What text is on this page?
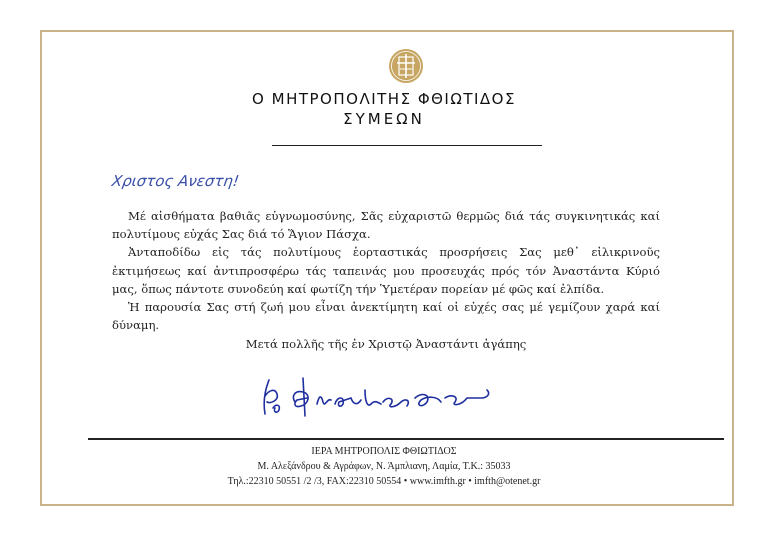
Ο ΜΗΤΡΟΠΟΛΙΤΗΣ ΦΘΙΩΤΙΔΟΣ
ΣΥΜΕΩΝ
Χριστος Ανεστη!

Μέ αἰσθήματα βαθιᾶς εὐγνωμοσύνης, Σᾶς εὐχαριστῶ θερμῶς διά τάς συγκινητικάς καί πολυτίμους εὐχάς Σας διά τό Ἅγιον Πάσχα.

Ἀνταποδίδω εἰς τάς πολυτίμους ἑορταστικάς προσρήσεις Σας μεθ᾽ εἰλικρινοῦς ἐκτιμήσεως καί ἀντιπροσφέρω τάς ταπεινάς μου προσευχάς πρός τόν Ἀναστάντα Κύριό μας, ὅπως πάντοτε συνοδεύη καί φωτίζη τήν Ὑμετέραν πορείαν μέ φῶς καί ἐλπίδα.

Ἡ παρουσία Σας στή ζωή μου εἶναι ἀνεκτίμητη καί οἱ εὐχές σας μέ γεμίζουν χαρά καί δύναμη.

Μετά πολλῆς τῆς ἐν Χριστῷ Ἀναστάντι ἀγάπης

ΙΕΡΑ ΜΗΤΡΟΠΟΛΙΣ ΦΘΙΩΤΙΔΟΣ
Μ. Αλεξάνδρου & Αγράφων, Ν. Άμπλιανη, Λαμία, Τ.Κ.: 35033
Τηλ.:22310 50551 /2 /3, FAX:22310 50554 • www.imfth.gr • imfth@otenet.gr
